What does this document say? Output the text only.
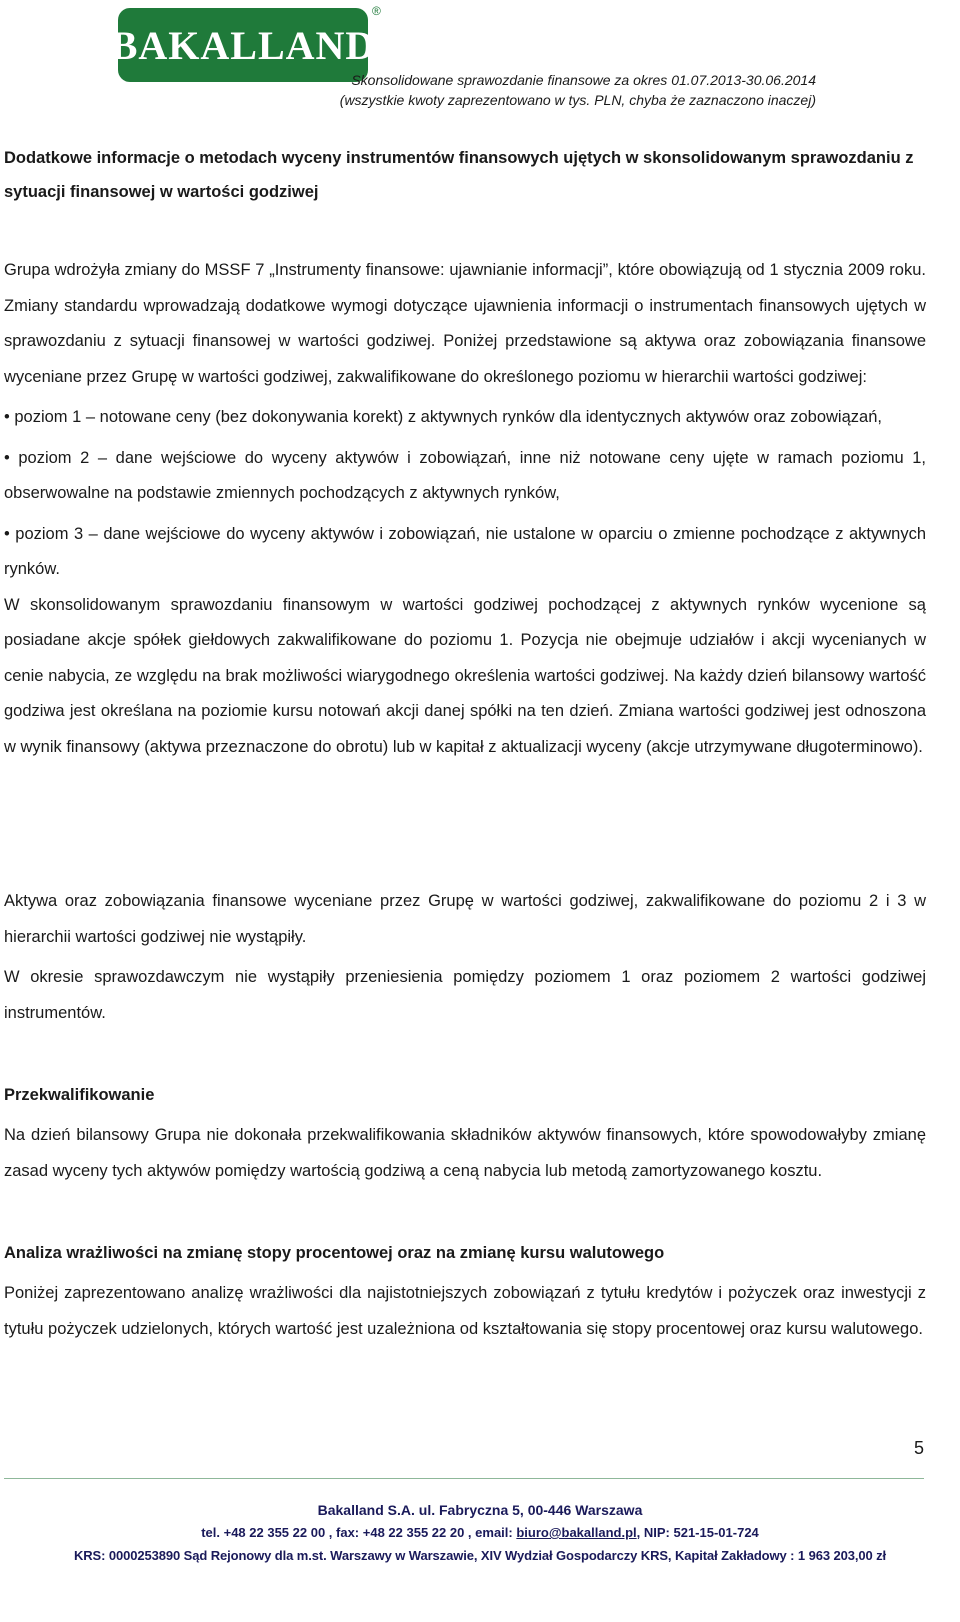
BAKALLAND
®
Skonsolidowane sprawozdanie finansowe za okres 01.07.2013-30.06.2014
(wszystkie kwoty zaprezentowano w tys. PLN, chyba że zaznaczono inaczej)

Dodatkowe informacje o metodach wyceny instrumentów finansowych ujętych w skonsolidowanym sprawozdaniu z sytuacji finansowej w wartości godziwej

Grupa wdrożyła zmiany do MSSF 7 „Instrumenty finansowe: ujawnianie informacji”, które obowiązują od 1 stycznia 2009 roku. Zmiany standardu wprowadzają dodatkowe wymogi dotyczące ujawnienia informacji o instrumentach finansowych ujętych w sprawozdaniu z sytuacji finansowej w wartości godziwej. Poniżej przedstawione są aktywa oraz zobowiązania finansowe wyceniane przez Grupę w wartości godziwej, zakwalifikowane do określonego poziomu w hierarchii wartości godziwej:

• poziom 1 – notowane ceny (bez dokonywania korekt) z aktywnych rynków dla identycznych aktywów oraz zobowiązań,

• poziom 2 – dane wejściowe do wyceny aktywów i zobowiązań, inne niż notowane ceny ujęte w ramach poziomu 1, obserwowalne na podstawie zmiennych pochodzących z aktywnych rynków,

• poziom 3 – dane wejściowe do wyceny aktywów i zobowiązań, nie ustalone w oparciu o zmienne pochodzące z aktywnych rynków.

W skonsolidowanym sprawozdaniu finansowym w wartości godziwej pochodzącej z aktywnych rynków wycenione są posiadane akcje spółek giełdowych zakwalifikowane do poziomu 1. Pozycja nie obejmuje udziałów i akcji wycenianych w cenie nabycia, ze względu na brak możliwości wiarygodnego określenia wartości godziwej. Na każdy dzień bilansowy wartość godziwa jest określana na poziomie kursu notowań akcji danej spółki na ten dzień. Zmiana wartości godziwej jest odnoszona w wynik finansowy (aktywa przeznaczone do obrotu) lub w kapitał z aktualizacji wyceny (akcje utrzymywane długoterminowo).

Aktywa oraz zobowiązania finansowe wyceniane przez Grupę w wartości godziwej, zakwalifikowane do poziomu 2 i 3 w hierarchii wartości godziwej nie wystąpiły.

W okresie sprawozdawczym nie wystąpiły przeniesienia pomiędzy poziomem 1 oraz poziomem 2 wartości godziwej instrumentów.

Przekwalifikowanie

Na dzień bilansowy Grupa nie dokonała przekwalifikowania składników aktywów finansowych, które spowodowałyby zmianę zasad wyceny tych aktywów pomiędzy wartością godziwą a ceną nabycia lub metodą zamortyzowanego kosztu.

Analiza wrażliwości na zmianę stopy procentowej oraz na zmianę kursu walutowego

Poniżej zaprezentowano analizę wrażliwości dla najistotniejszych zobowiązań z tytułu kredytów i pożyczek oraz inwestycji z tytułu pożyczek udzielonych, których wartość jest uzależniona od kształtowania się stopy procentowej oraz kursu walutowego.

5
Bakalland S.A. ul. Fabryczna 5, 00-446 Warszawa
tel. +48 22 355 22 00 , fax: +48 22 355 22 20 , email: biuro@bakalland.pl, NIP: 521-15-01-724
KRS: 0000253890 Sąd Rejonowy dla m.st. Warszawy w Warszawie, XIV Wydział Gospodarczy KRS, Kapitał Zakładowy : 1 963 203,00 zł
